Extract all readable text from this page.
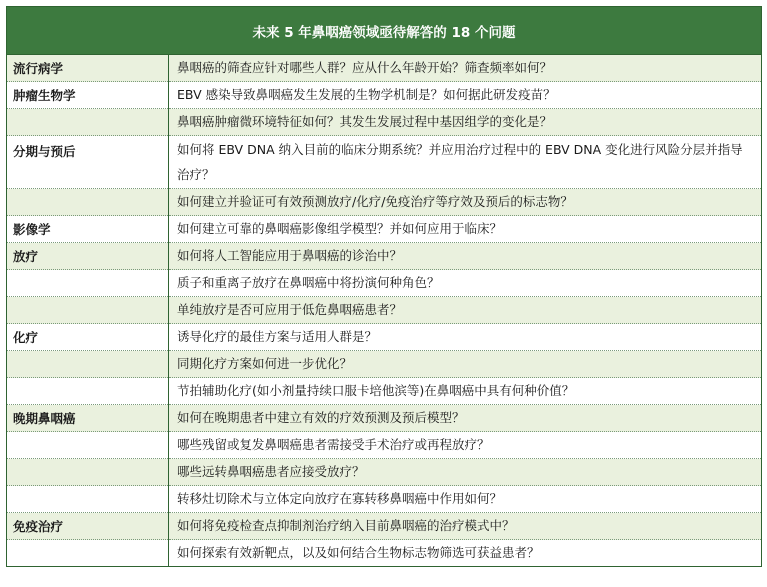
未来 5 年鼻咽癌领域亟待解答的 18 个问题	
流行病学	鼻咽癌的筛查应针对哪些人群？应从什么年龄开始？筛查频率如何？
肿瘤生物学	EBV 感染导致鼻咽癌发生发展的生物学机制是？如何据此研发疫苗？
	鼻咽癌肿瘤微环境特征如何？其发生发展过程中基因组学的变化是？
分期与预后	如何将 EBV DNA 纳入目前的临床分期系统？并应用治疗过程中的 EBV DNA 变化进行风险分层并指导治疗？
	如何建立并验证可有效预测放疗/化疗/免疫治疗等疗效及预后的标志物？
影像学	如何建立可靠的鼻咽癌影像组学模型？并如何应用于临床？
放疗	如何将人工智能应用于鼻咽癌的诊治中？
	质子和重离子放疗在鼻咽癌中将扮演何种角色？
	单纯放疗是否可应用于低危鼻咽癌患者？
化疗	诱导化疗的最佳方案与适用人群是？
	同期化疗方案如何进一步优化？
	节拍辅助化疗(如小剂量持续口服卡培他滨等)在鼻咽癌中具有何种价值？
晚期鼻咽癌	如何在晚期患者中建立有效的疗效预测及预后模型？
	哪些残留或复发鼻咽癌患者需接受手术治疗或再程放疗？
	哪些远转鼻咽癌患者应接受放疗？
	转移灶切除术与立体定向放疗在寡转移鼻咽癌中作用如何？
免疫治疗	如何将免疫检查点抑制剂治疗纳入目前鼻咽癌的治疗模式中？
	如何探索有效新靶点，以及如何结合生物标志物筛选可获益患者？
